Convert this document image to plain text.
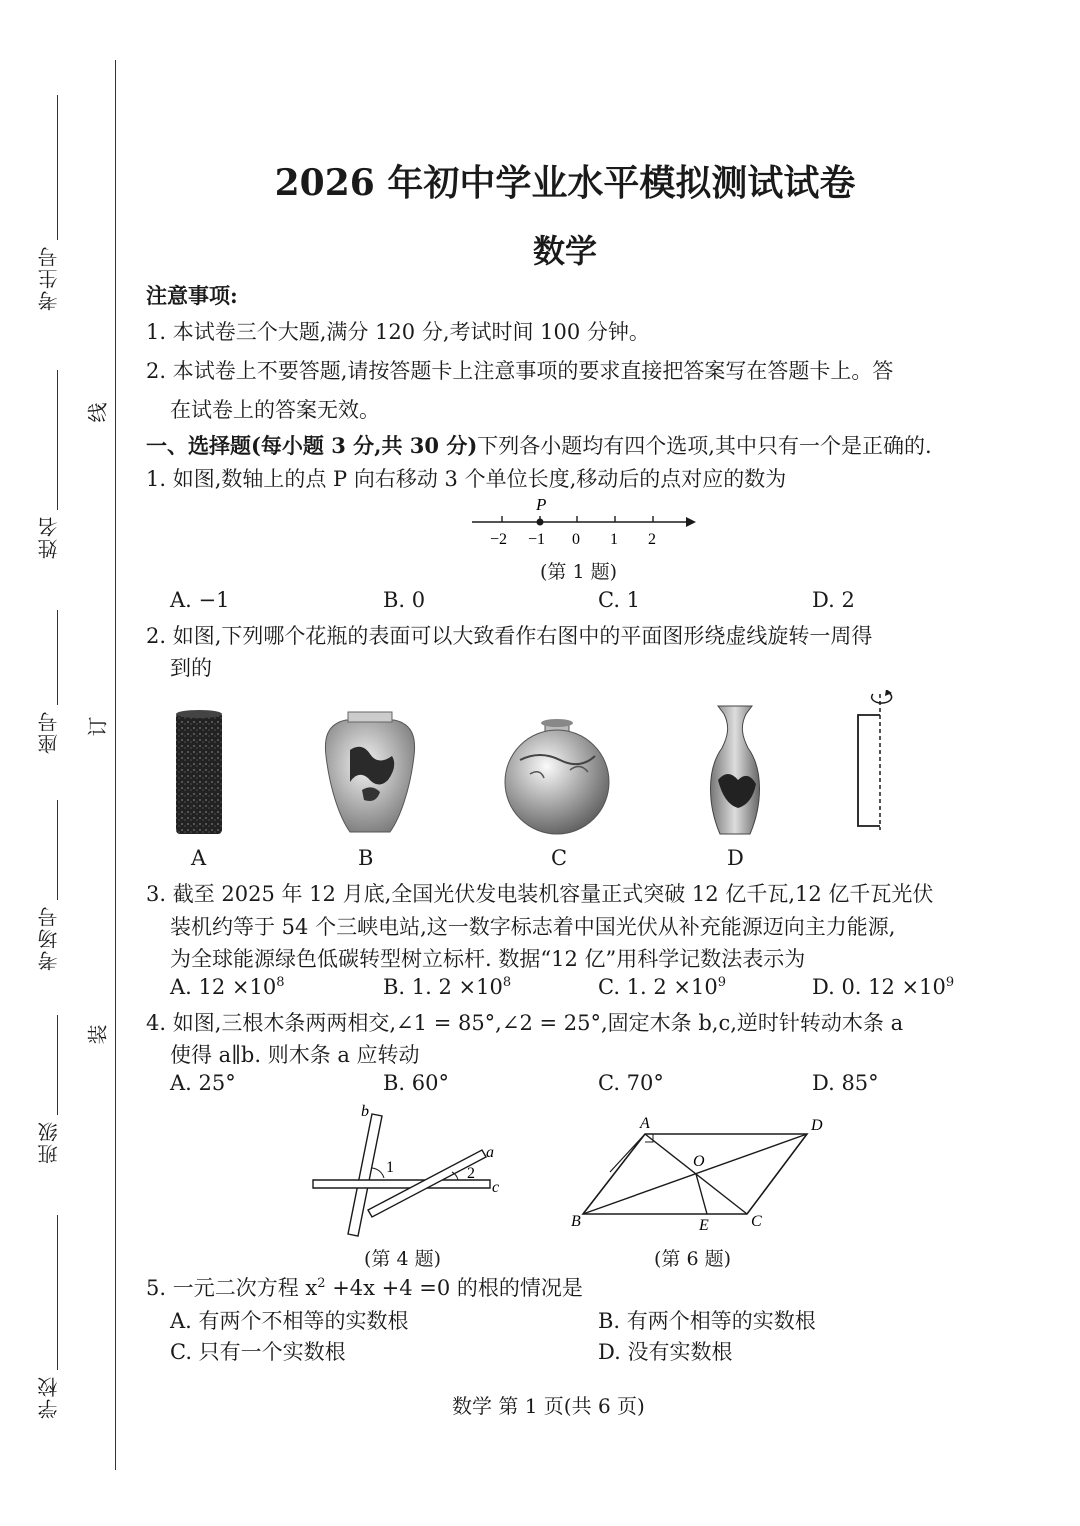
考生号
姓名
座号
考场号
班级
学校
线
订
装
2026 年初中学业水平模拟测试试卷
数学
注意事项:
1. 本试卷三个大题,满分 120 分,考试时间 100 分钟。
2. 本试卷上不要答题,请按答题卡上注意事项的要求直接把答案写在答题卡上。答
在试卷上的答案无效。
一、选择题(每小题 3 分,共 30 分)下列各小题均有四个选项,其中只有一个是正确的.
1. 如图,数轴上的点 P 向右移动 3 个单位长度,移动后的点对应的数为
P
−2 −1 0 1 2
(第 1 题)
A. −1	B. 0	C. 1	D. 2
2. 如图,下列哪个花瓶的表面可以大致看作右图中的平面图形绕虚线旋转一周得
到的
A	B	C	D
3. 截至 2025 年 12 月底,全国光伏发电装机容量正式突破 12 亿千瓦,12 亿千瓦光伏
装机约等于 54 个三峡电站,这一数字标志着中国光伏从补充能源迈向主力能源,
为全球能源绿色低碳转型树立标杆. 数据“12 亿”用科学记数法表示为
A. $12 \times 10^8$	B. 1. $2 \times 10^8$	C. 1. $2 \times 10^9$	D. 0. $12 \times 10^9$
4. 如图,三根木条两两相交,∠1 = 85°,∠2 = 25°,固定木条 b,c,逆时针转动木条 a
使得 a∥b. 则木条 a 应转动
A. 25°	B. 60°	C. 70°	D. 85°
b
a
c
1	2
(第 4 题)
A	D
B	C
O
E
(第 6 题)
5. 一元二次方程 $x^2 +4x +4 =0$ 的根的情况是
A. 有两个不相等的实数根	B. 有两个相等的实数根
C. 只有一个实数根	D. 没有实数根
数学 第 1 页(共 6 页)
